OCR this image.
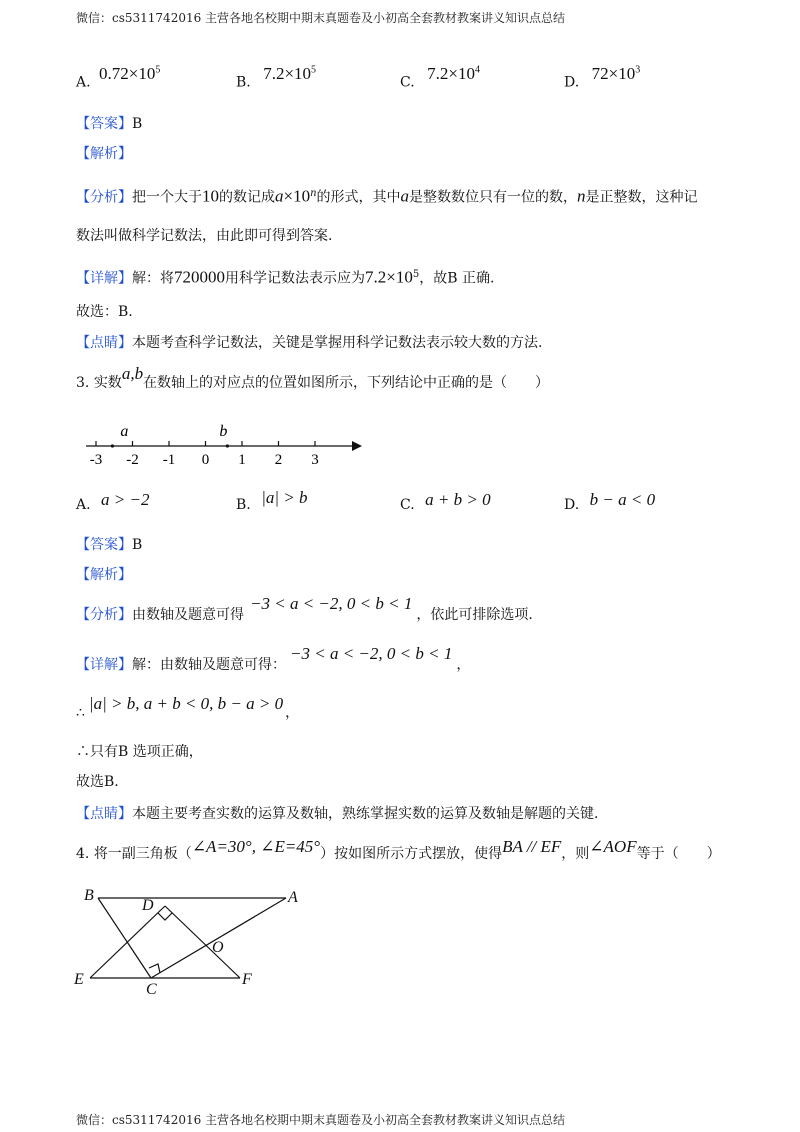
微信：cs5311742016 主营各地名校期中期末真题卷及小初高全套教材教案讲义知识点总结
A. $0.72\times 10^5$
B. $7.2\times 10^5$
C. $7.2\times 10^4$
D. $72\times 10^3$
【答案】B
【解析】
【分析】把一个大于10的数记成$a\times 10^n$的形式，其中a是整数数位只有一位的数，n是正整数，这种记
数法叫做科学记数法，由此即可得到答案.
【详解】解：将720000用科学记数法表示应为$7.2\times 10^5$，故B 正确.
故选：B.
【点睛】本题考查科学记数法，关键是掌握用科学记数法表示较大数的方法.
3. 实数a,b在数轴上的对应点的位置如图所示，下列结论中正确的是（　　）
-3 -2 -1 0 1 2 3
a	b
A. a > −2	B. |a| > b	C. a + b > 0	D. b − a < 0
【答案】B
【解析】
【分析】由数轴及题意可得−3 < a < −2, 0 < b < 1，依此可排除选项.
【详解】解：由数轴及题意可得：−3 < a < −2, 0 < b < 1，
∴ |a| > b, a + b < 0, b − a > 0 ，
∴只有B 选项正确，
故选B.
【点睛】本题主要考查实数的运算及数轴，熟练掌握实数的运算及数轴是解题的关键.
4. 将一副三角板（∠A=30°, ∠E=45°）按如图所示方式摆放，使得BA // EF，则∠AOF等于（　　）
B	A
D
O
E
C
F
微信：cs5311742016 主营各地名校期中期末真题卷及小初高全套教材教案讲义知识点总结
